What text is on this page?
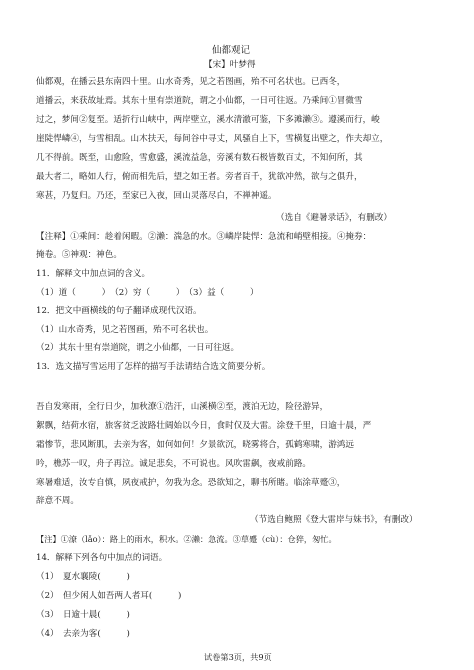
仙都观记
【宋】叶梦得
仙都观，在播云县东南四十里。山水奇秀，见之若图画，殆不可名状也。已西冬，
道播云，来获故址焉。其东十里有崇道院，谓之小仙都，一日可往返。乃乘间①冒微雪
过之，梦间②复至。适折行山峡中，两岸壁立，溪水清澈可鉴，下多滩濑③。遵溪而行，峻
崖陡悍嶙④，与雪相乱。山木扶天，每间谷中寻丈，风骚自上下，雪横复出壁之，作夫却立，
几不得前。既至，山愈险，雪愈盛，溪流益急，旁溪有数石极皆数百丈，不知何所，其
最大者二，略如人行，俯而相先后，望之如王者。旁者百千，犹欲冲然，欲与之俱升，
寒甚，乃复归。乃还，至家已入夜，回山灵落尽白，不禅神遥。
（选自《避暑录话》，有删改）
【注释】①乘间：趁着闲暇。②濑：湍急的水。③嶙岸陡悍：急流和峭壁相接。④掩券：
掩卷。⑤神观：神色。
11．解释文中加点词的含义。
（1）道（　　　）　（2）穷（　　　）　（3）益（　　　）
12．把文中画横线的句子翻译成现代汉语。
（1）山水奇秀，见之若图画，殆不可名状也。
（2）其东十里有崇道院，谓之小仙都，一日可往返。
13．选文描写雪运用了怎样的描写手法请结合选文简要分析。
吾自发寒雨，全行日少，加秋潦①浩汗，山溪横②至，渡泊无边，险径游异，
絮飘，结荷水宿，旅客贫乏波路壮阔始以今日，食时仅及大雷。涂登千里，日逾十晨，严
霜惨节，悲风断肌，去亲为客，如何如何！夕景欲沉，晓雾将合，孤鹤寒啸，游鸿远
吟，樵苏一叹，舟子再泣。诚足悲矣，不可说也。风吹雷飙，夜戒前路。
寒暑难适，汝专自慎，夙夜戒护，勿我为念。恐欲知之，聊书所睹。临涂草蹙③，
辞意不周。
（节选自鲍照《登大雷岸与妹书》，有删改）
【注】①潦（lǎo）：路上的雨水，积水。②濑：急流。③草蹙（cù）：仓猝，匆忙。
14．解释下列各句中加点的词语。
（1）　夏水襄陵(　　　)
（2）　但少闲人如吾两人者耳(　　　)
（3）　日逾十晨(　　　)
（4）　去亲为客(　　　)
试卷第3页，共9页
